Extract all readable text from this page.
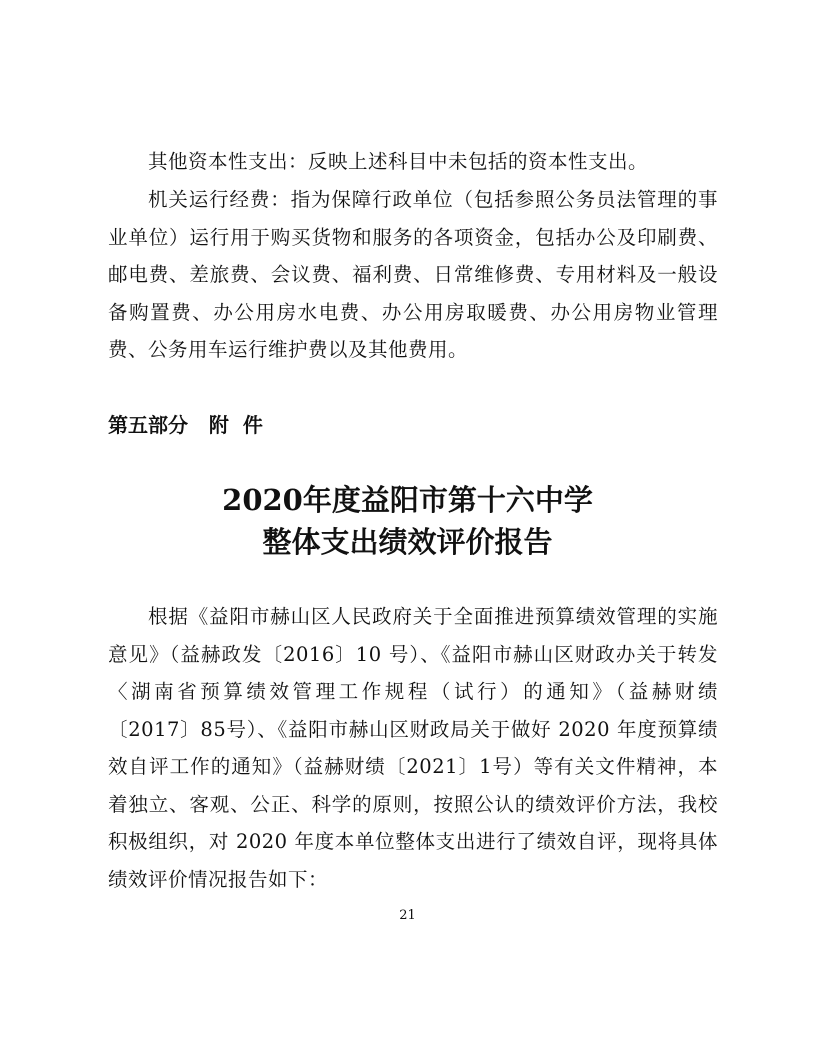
其他资本性支出：反映上述科目中未包括的资本性支出。

机关运行经费：指为保障行政单位（包括参照公务员法管理的事业单位）运行用于购买货物和服务的各项资金，包括办公及印刷费、邮电费、差旅费、会议费、福利费、日常维修费、专用材料及一般设备购置费、办公用房水电费、办公用房取暖费、办公用房物业管理费、公务用车运行维护费以及其他费用。

第五部分   附  件
2020年度益阳市第十六中学
整体支出绩效评价报告

根据《益阳市赫山区人民政府关于全面推进预算绩效管理的实施意见》（益赫政发〔2016〕10 号）、《益阳市赫山区财政办关于转发〈湖南省预算绩效管理工作规程（试行）的通知》（益赫财绩〔2017〕85号）、《益阳市赫山区财政局关于做好 2020 年度预算绩效自评工作的通知》（益赫财绩〔2021〕1号）等有关文件精神，本着独立、客观、公正、科学的原则，按照公认的绩效评价方法，我校积极组织，对 2020 年度本单位整体支出进行了绩效自评，现将具体绩效评价情况报告如下：

21
